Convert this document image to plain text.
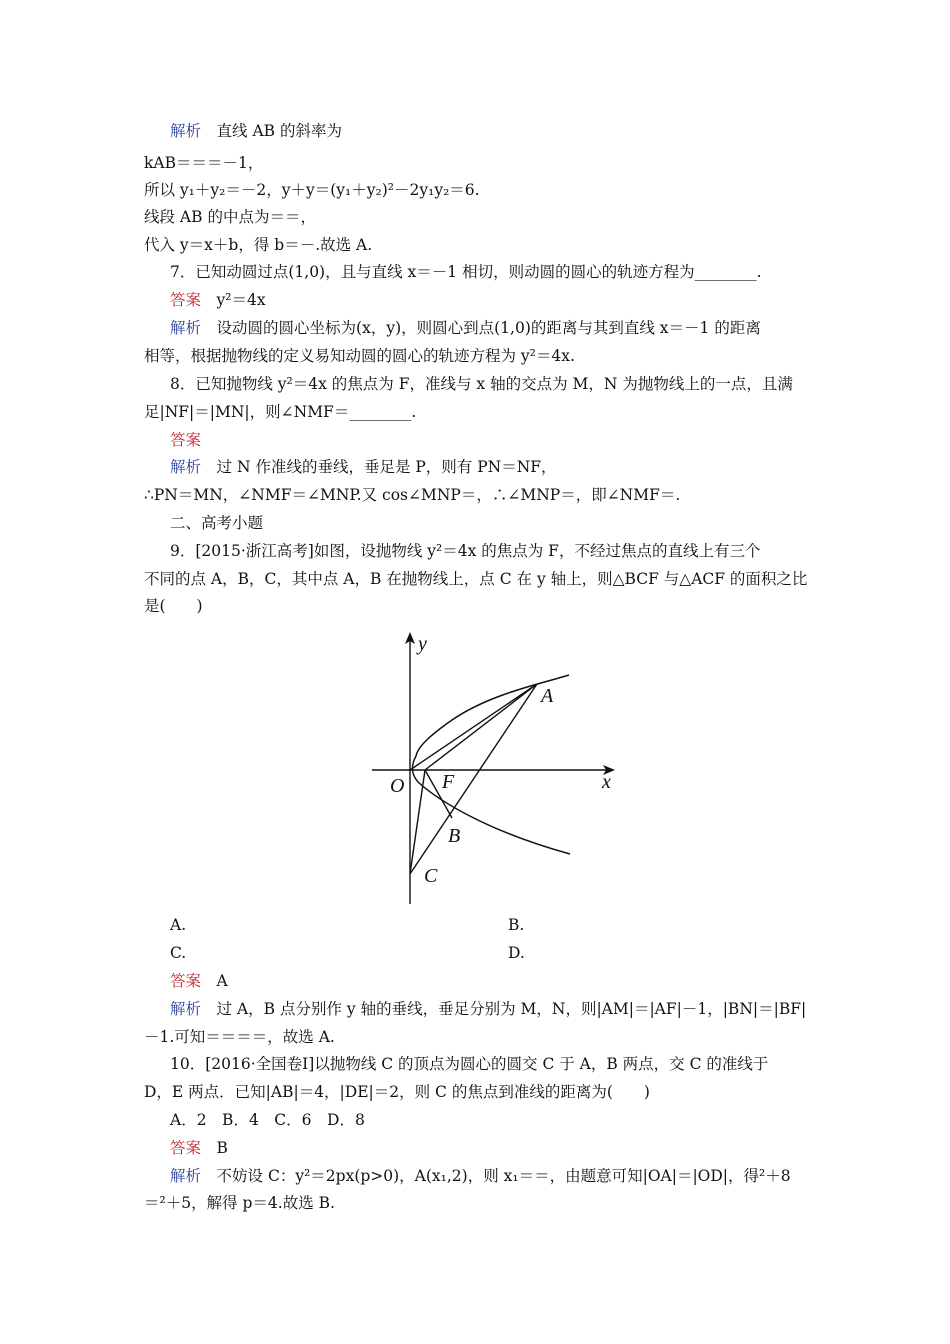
解析　 直线 AB 的斜率为
kAB＝＝＝－1，
所以 y₁＋y₂＝－2，y＋y＝(y₁＋y₂)²－2y₁y₂＝6.
线段 AB 的中点为＝＝，
代入 y＝x＋b，得 b＝－.故选 A.
7．已知动圆过点(1,0)，且与直线 x＝－1 相切，则动圆的圆心的轨迹方程为________.
答案　 y²＝4x
解析　 设动圆的圆心坐标为(x，y)，则圆心到点(1,0)的距离与其到直线 x＝－1 的距离
相等，根据抛物线的定义易知动圆的圆心的轨迹方程为 y²＝4x.
8．已知抛物线 y²＝4x 的焦点为 F，准线与 x 轴的交点为 M，N 为抛物线上的一点，且满
足|NF|＝|MN|，则∠NMF＝________.
答案
解析　 过 N 作准线的垂线，垂足是 P，则有 PN＝NF，
∴PN＝MN，∠NMF＝∠MNP.又 cos∠MNP＝，∴∠MNP＝，即∠NMF＝.
二、高考小题
9．[2015·浙江高考]如图，设抛物线 y²＝4x 的焦点为 F，不经过焦点的直线上有三个
不同的点 A，B，C，其中点 A，B 在抛物线上，点 C 在 y 轴上，则△BCF 与△ACF 的面积之比
是(　　)
y
x
O F
A
B
C
A.	B.
C.	D.
答案　 A
解析　 过 A，B 点分别作 y 轴的垂线，垂足分别为 M，N，则|AM|＝|AF|－1，|BN|＝|BF|
－1.可知＝＝＝＝，故选 A.
10．[2016·全国卷Ⅰ]以抛物线 C 的顶点为圆心的圆交 C 于 A，B 两点，交 C 的准线于
D，E 两点．已知|AB|＝4，|DE|＝2，则 C 的焦点到准线的距离为(　　)
A．2　B．4　C．6　D．8
答案　 B
解析　 不妨设 C：y²＝2px(p>0)，A(x₁,2)，则 x₁＝＝，由题意可知|OA|＝|OD|，得²＋8
＝²＋5，解得 p＝4.故选 B.
